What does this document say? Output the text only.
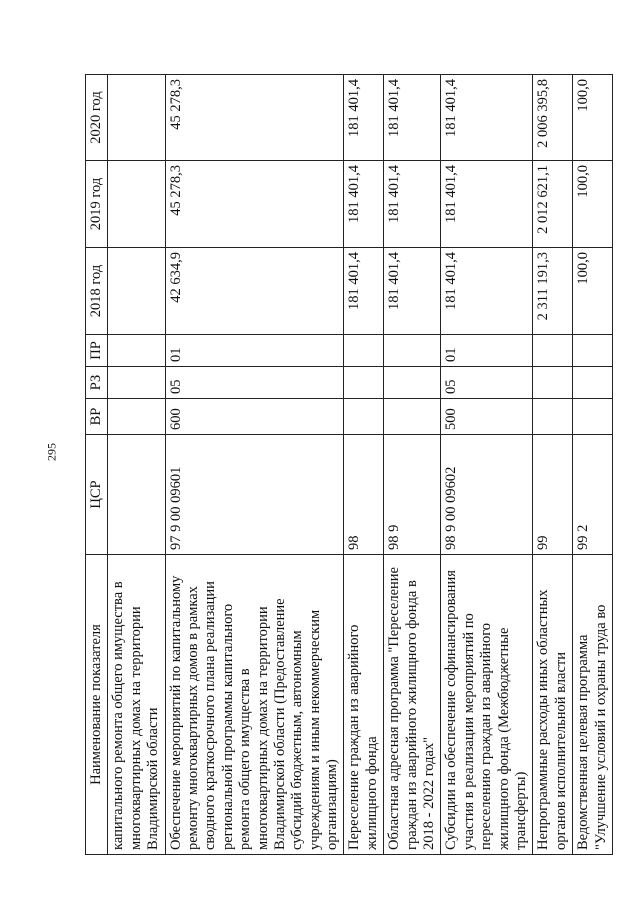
295
Наименование показателя	ЦСР	ВР	РЗ	ПР	2018 год	2019 год	2020 год
капитального ремонта общего имущества в многоквартирных домах на территории Владимирской области							
Обеспечение мероприятий по капитальному ремонту многоквартирных домов в рамках сводного краткосрочного плана реализации региональной программы капитального ремонта общего имущества в многоквартирных домах на территории Владимирской области (Предоставление субсидий бюджетным, автономным учреждениям и иным некоммерческим организациям)	97 9 00 09601	600	05	01	42 634,9	45 278,3	45 278,3
Переселение граждан из аварийного жилищного фонда	98				181 401,4	181 401,4	181 401,4
Областная адресная программа "Переселение граждан из аварийного жилищного фонда в 2018 - 2022 годах"	98 9				181 401,4	181 401,4	181 401,4
Субсидии на обеспечение софинансирования участия в реализации мероприятий по переселению граждан из аварийного жилищного фонда (Межбюджетные трансферты)	98 9 00 09602	500	05	01	181 401,4	181 401,4	181 401,4
Непрограммные расходы иных областных органов исполнительной власти	99				2 311 191,3	2 012 621,1	2 006 395,8
Ведомственная целевая программа "Улучшение условий и охраны труда во	99 2				100,0	100,0	100,0
